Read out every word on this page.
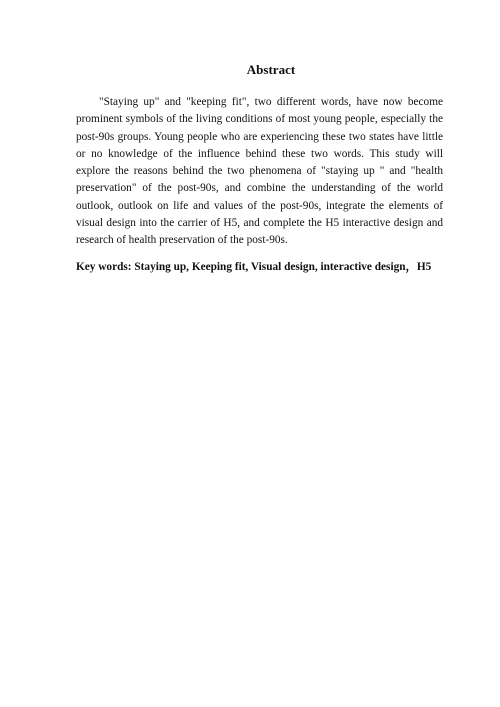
Abstract

"Staying up" and "keeping fit", two different words, have now become prominent symbols of the living conditions of most young people, especially the post-90s groups. Young people who are experiencing these two states have little or no knowledge of the influence behind these two words. This study will explore the reasons behind the two phenomena of "staying up " and "health preservation" of the post-90s, and combine the understanding of the world outlook, outlook on life and values of the post-90s, integrate the elements of visual design into the carrier of H5, and complete the H5 interactive design and research of health preservation of the post-90s.

Key words: Staying up, Keeping fit, Visual design, interactive design，H5
